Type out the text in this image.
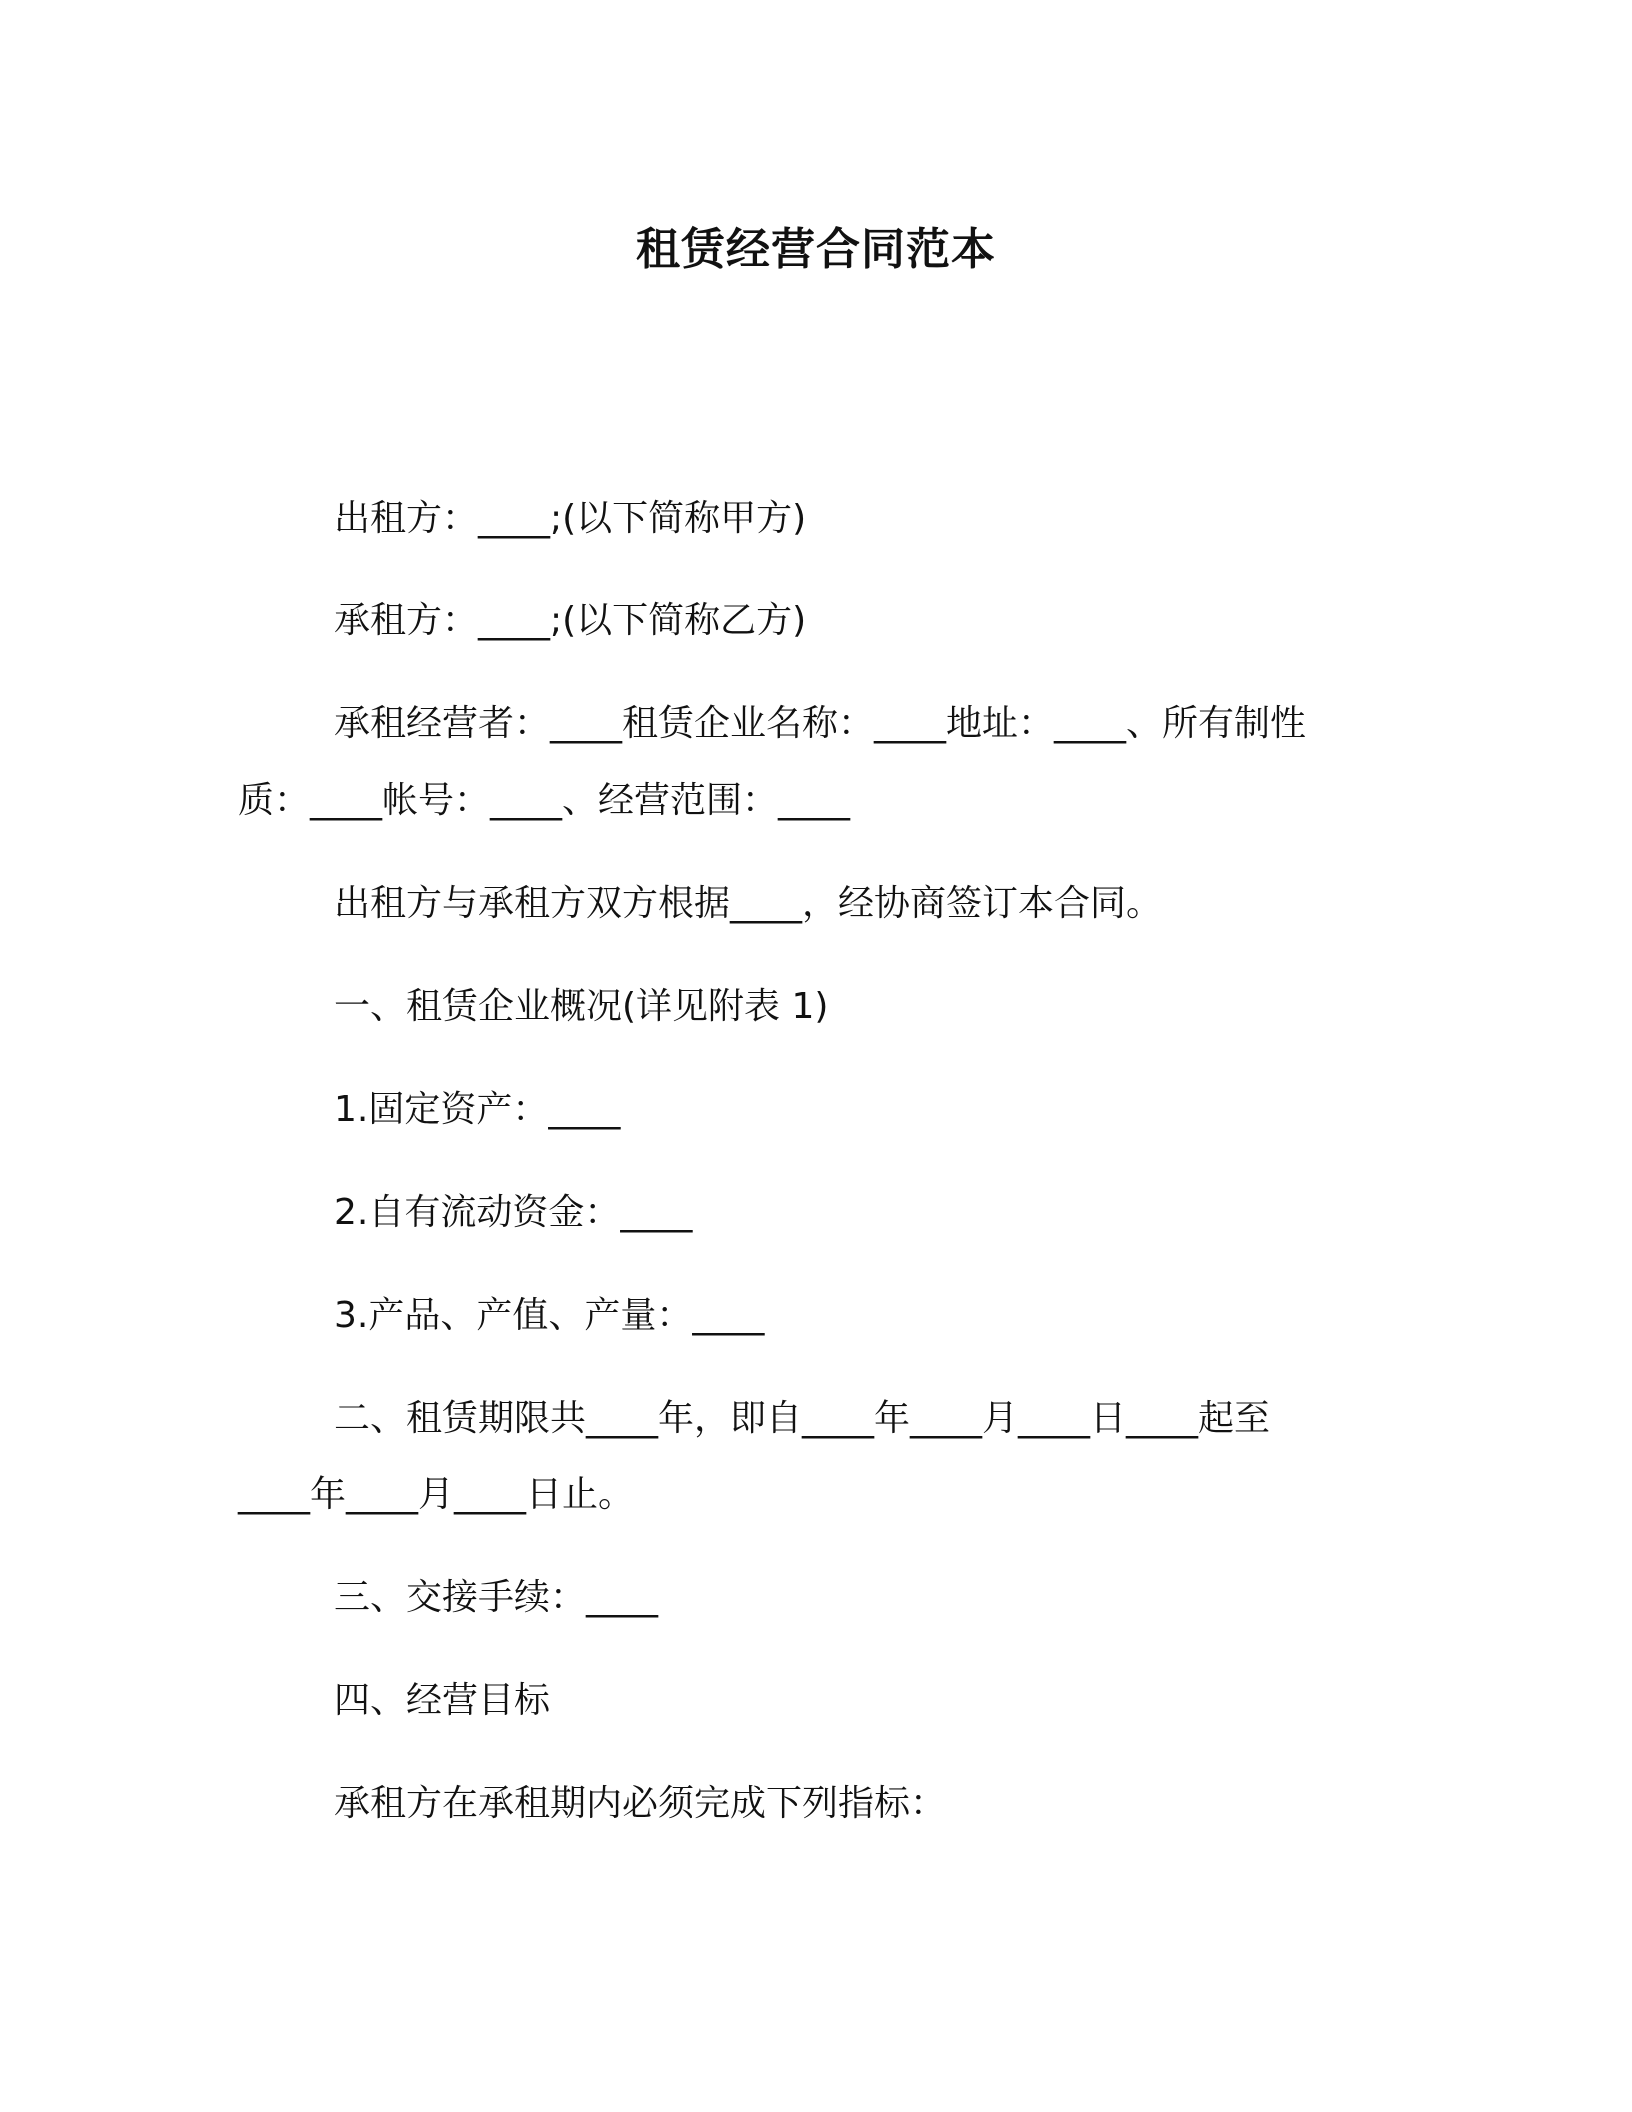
租赁经营合同范本
出租方：____;(以下简称甲方)
承租方：____;(以下简称乙方)
承租经营者：____租赁企业名称：____地址：____、所有制性
质：____帐号：____、经营范围：____
出租方与承租方双方根据____，经协商签订本合同。
一、租赁企业概况(详见附表 1)
1.固定资产：____
2.自有流动资金：____
3.产品、产值、产量：____
二、租赁期限共____年，即自____年____月____日____起至
____年____月____日止。
三、交接手续：____
四、经营目标
承租方在承租期内必须完成下列指标：
